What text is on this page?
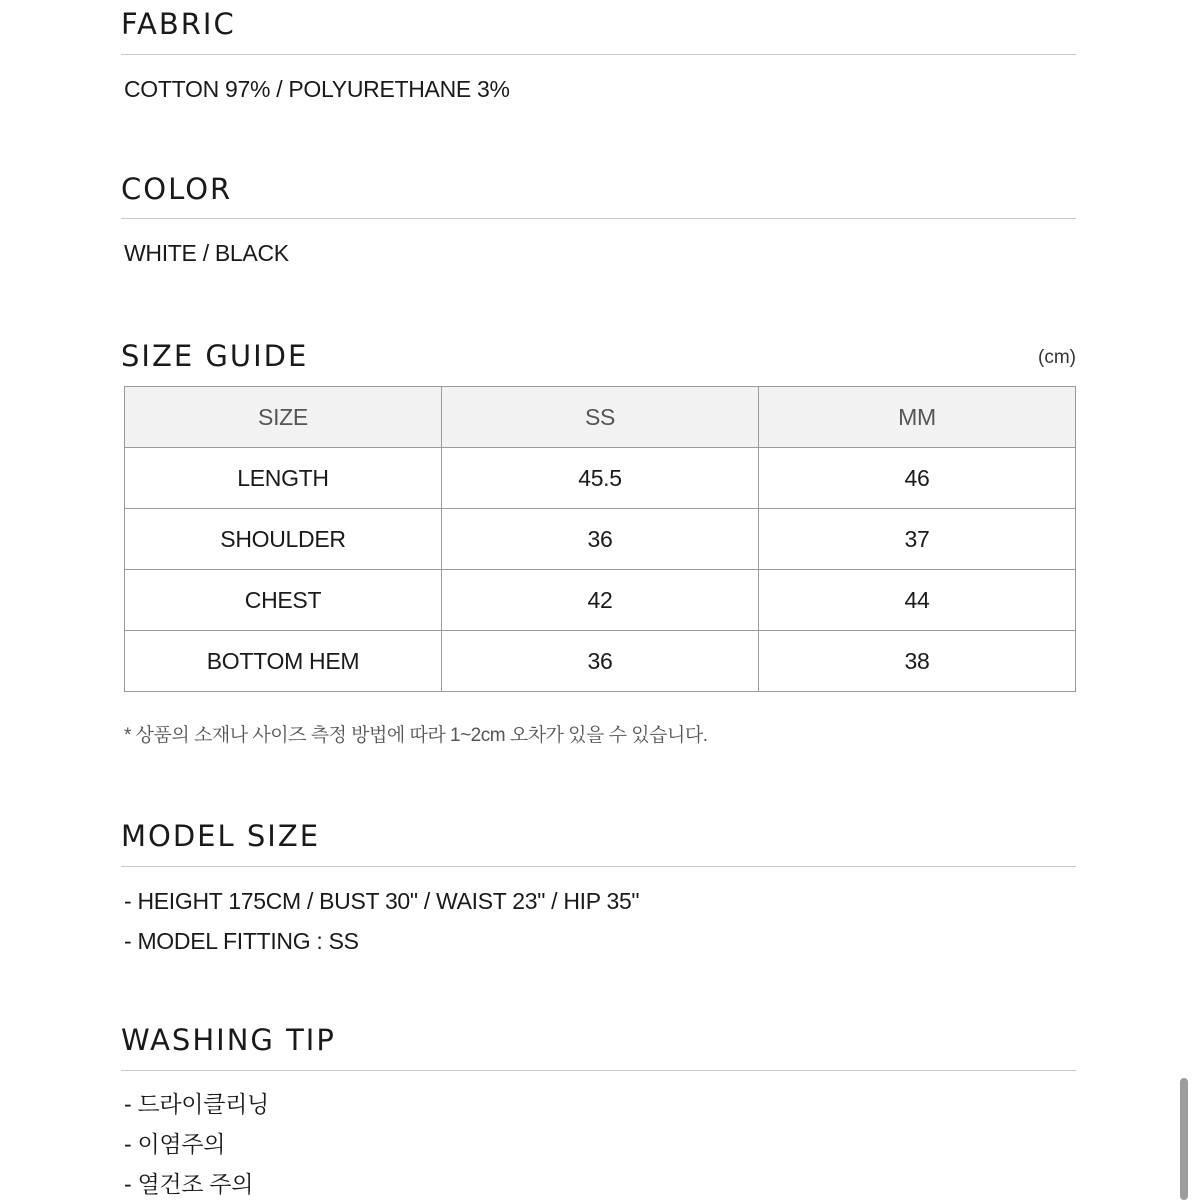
FABRIC

COTTON 97% / POLYURETHANE 3%

COLOR

WHITE / BLACK

SIZE GUIDE	(cm)
SIZE	SS	MM
LENGTH	45.5	46
SHOULDER	36	37
CHEST	42	44
BOTTOM HEM	36	38

* 상품의 소재나 사이즈 측정 방법에 따라 1~2cm 오차가 있을 수 있습니다.

MODEL SIZE
- HEIGHT 175CM / BUST 30" / WAIST 23" / HIP 35"
- MODEL FITTING : SS
WASHING TIP
- 드라이클리닝
- 이염주의
- 열건조 주의
